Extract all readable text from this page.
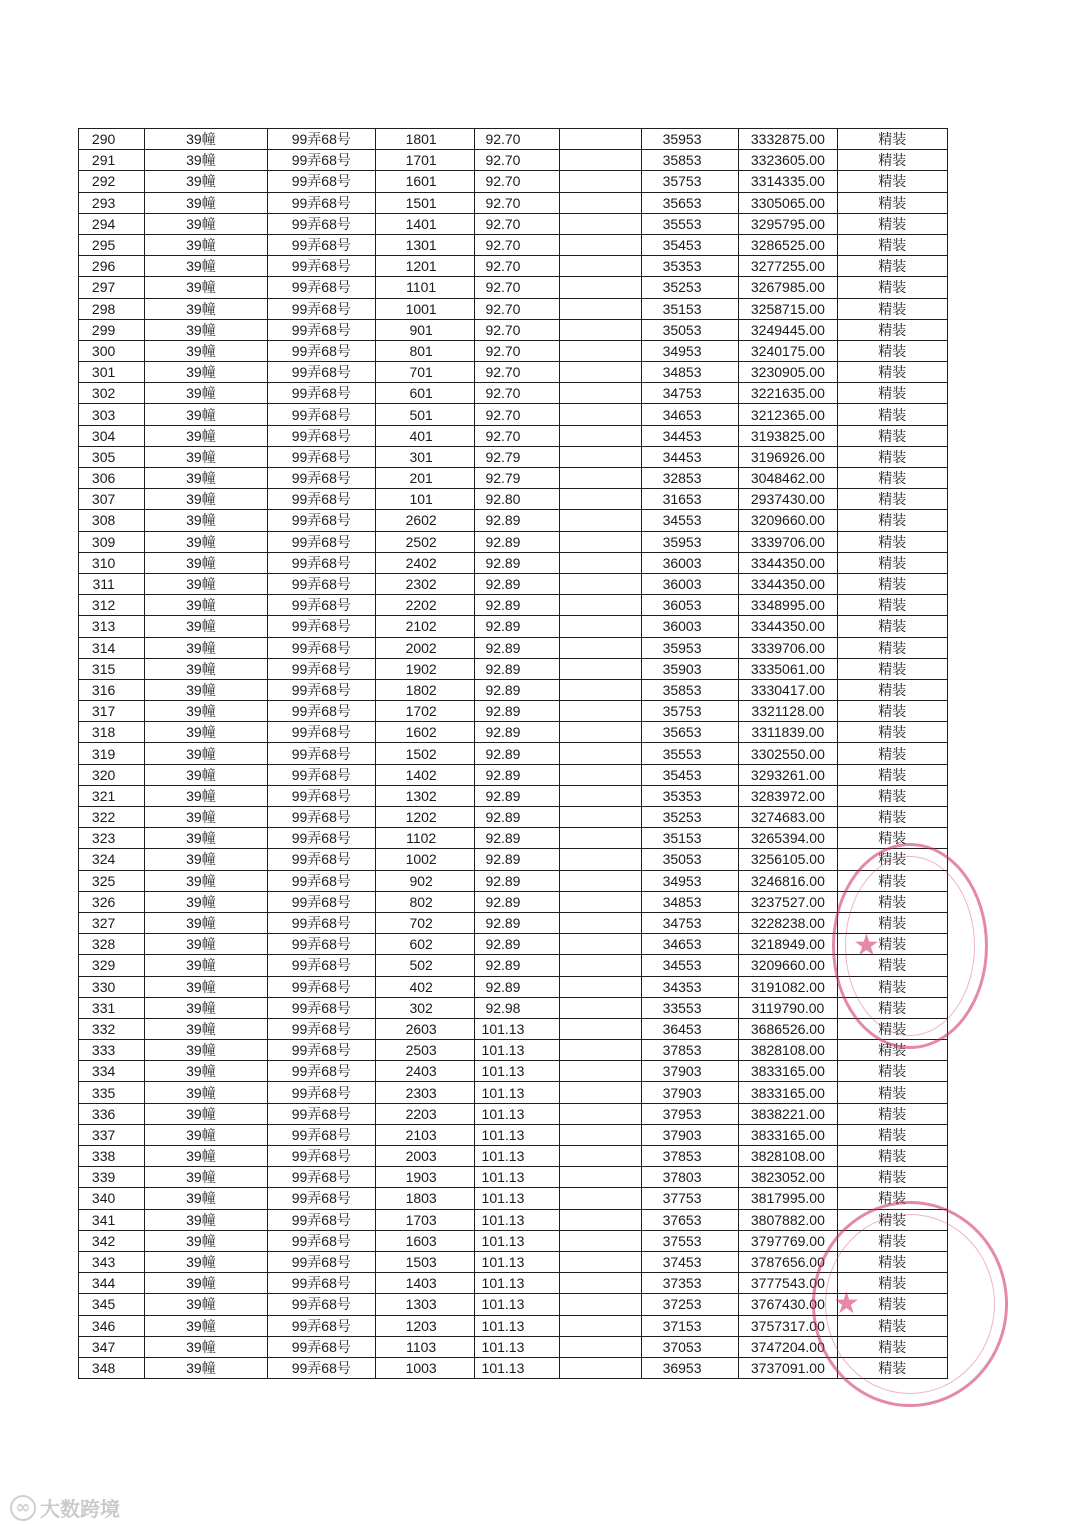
290	39幢	99弄68号	1801	92.70		35953	3332875.00	精装
291	39幢	99弄68号	1701	92.70		35853	3323605.00	精装
292	39幢	99弄68号	1601	92.70		35753	3314335.00	精装
293	39幢	99弄68号	1501	92.70		35653	3305065.00	精装
294	39幢	99弄68号	1401	92.70		35553	3295795.00	精装
295	39幢	99弄68号	1301	92.70		35453	3286525.00	精装
296	39幢	99弄68号	1201	92.70		35353	3277255.00	精装
297	39幢	99弄68号	1101	92.70		35253	3267985.00	精装
298	39幢	99弄68号	1001	92.70		35153	3258715.00	精装
299	39幢	99弄68号	901	92.70		35053	3249445.00	精装
300	39幢	99弄68号	801	92.70		34953	3240175.00	精装
301	39幢	99弄68号	701	92.70		34853	3230905.00	精装
302	39幢	99弄68号	601	92.70		34753	3221635.00	精装
303	39幢	99弄68号	501	92.70		34653	3212365.00	精装
304	39幢	99弄68号	401	92.70		34453	3193825.00	精装
305	39幢	99弄68号	301	92.79		34453	3196926.00	精装
306	39幢	99弄68号	201	92.79		32853	3048462.00	精装
307	39幢	99弄68号	101	92.80		31653	2937430.00	精装
308	39幢	99弄68号	2602	92.89		34553	3209660.00	精装
309	39幢	99弄68号	2502	92.89		35953	3339706.00	精装
310	39幢	99弄68号	2402	92.89		36003	3344350.00	精装
311	39幢	99弄68号	2302	92.89		36003	3344350.00	精装
312	39幢	99弄68号	2202	92.89		36053	3348995.00	精装
313	39幢	99弄68号	2102	92.89		36003	3344350.00	精装
314	39幢	99弄68号	2002	92.89		35953	3339706.00	精装
315	39幢	99弄68号	1902	92.89		35903	3335061.00	精装
316	39幢	99弄68号	1802	92.89		35853	3330417.00	精装
317	39幢	99弄68号	1702	92.89		35753	3321128.00	精装
318	39幢	99弄68号	1602	92.89		35653	3311839.00	精装
319	39幢	99弄68号	1502	92.89		35553	3302550.00	精装
320	39幢	99弄68号	1402	92.89		35453	3293261.00	精装
321	39幢	99弄68号	1302	92.89		35353	3283972.00	精装
322	39幢	99弄68号	1202	92.89		35253	3274683.00	精装
323	39幢	99弄68号	1102	92.89		35153	3265394.00	精装
324	39幢	99弄68号	1002	92.89		35053	3256105.00	精装
325	39幢	99弄68号	902	92.89		34953	3246816.00	精装
326	39幢	99弄68号	802	92.89		34853	3237527.00	精装
327	39幢	99弄68号	702	92.89		34753	3228238.00	精装
328	39幢	99弄68号	602	92.89		34653	3218949.00	精装
329	39幢	99弄68号	502	92.89		34553	3209660.00	精装
330	39幢	99弄68号	402	92.89		34353	3191082.00	精装
331	39幢	99弄68号	302	92.98		33553	3119790.00	精装
332	39幢	99弄68号	2603	101.13		36453	3686526.00	精装
333	39幢	99弄68号	2503	101.13		37853	3828108.00	精装
334	39幢	99弄68号	2403	101.13		37903	3833165.00	精装
335	39幢	99弄68号	2303	101.13		37903	3833165.00	精装
336	39幢	99弄68号	2203	101.13		37953	3838221.00	精装
337	39幢	99弄68号	2103	101.13		37903	3833165.00	精装
338	39幢	99弄68号	2003	101.13		37853	3828108.00	精装
339	39幢	99弄68号	1903	101.13		37803	3823052.00	精装
340	39幢	99弄68号	1803	101.13		37753	3817995.00	精装
341	39幢	99弄68号	1703	101.13		37653	3807882.00	精装
342	39幢	99弄68号	1603	101.13		37553	3797769.00	精装
343	39幢	99弄68号	1503	101.13		37453	3787656.00	精装
344	39幢	99弄68号	1403	101.13		37353	3777543.00	精装
345	39幢	99弄68号	1303	101.13		37253	3767430.00	精装
346	39幢	99弄68号	1203	101.13		37153	3757317.00	精装
347	39幢	99弄68号	1103	101.13		37053	3747204.00	精装
348	39幢	99弄68号	1003	101.13		36953	3737091.00	精装
★
★
∞ 大数跨境
